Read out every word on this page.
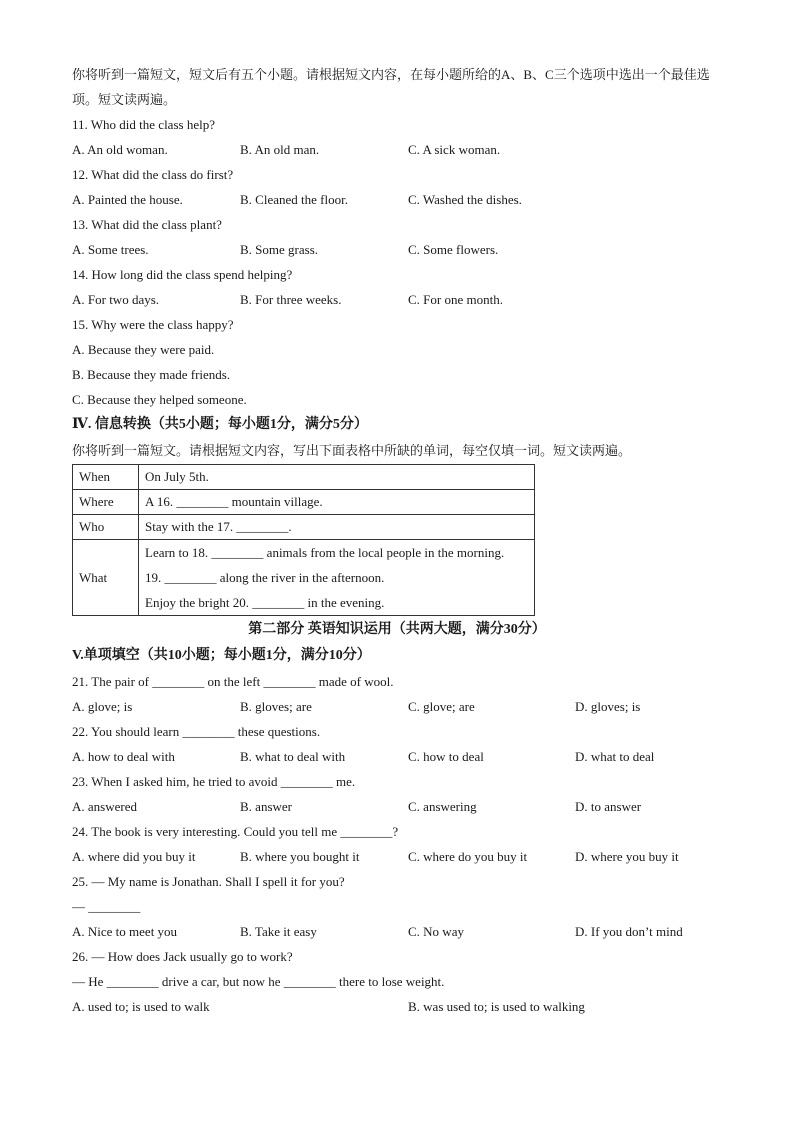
你将听到一篇短文，短文后有五个小题。请根据短文内容，在每小题所给的A、B、C三个选项中选出一个最佳选项。短文读两遍。
11. Who did the class help?
A. An old woman.	B. An old man.	C. A sick woman.
12. What did the class do first?
A. Painted the house.	B. Cleaned the floor.	C. Washed the dishes.
13. What did the class plant?
A. Some trees.	B. Some grass.	C. Some flowers.
14. How long did the class spend helping?
A. For two days.	B. For three weeks.	C. For one month.
15. Why were the class happy?
A. Because they were paid.
B. Because they made friends.
C. Because they helped someone.
Ⅳ. 信息转换（共5小题；每小题1分，满分5分）
你将听到一篇短文。请根据短文内容，写出下面表格中所缺的单词，每空仅填一词。短文读两遍。
When	On July 5th.
Where	A 16. ________ mountain village.
Who	Stay with the 17. ________.
What	Learn to 18. ________ animals from the local people in the morning.
19. ________ along the river in the afternoon.
Enjoy the bright 20. ________ in the evening.
第二部分 英语知识运用（共两大题，满分30分）
V.单项填空（共10小题；每小题1分，满分10分）
21. The pair of ________ on the left ________ made of wool.
A. glove; is	B. gloves; are	C. glove; are	D. gloves; is
22. You should learn ________ these questions.
A. how to deal with	B. what to deal with	C. how to deal	D. what to deal
23. When I asked him, he tried to avoid ________ me.
A. answered	B. answer	C. answering	D. to answer
24. The book is very interesting. Could you tell me ________?
A. where did you buy it	B. where you bought it	C. where do you buy it	D. where you buy it
25. — My name is Jonathan. Shall I spell it for you?
— ________
A. Nice to meet you	B. Take it easy	C. No way	D. If you don’t mind
26. — How does Jack usually go to work?
— He ________ drive a car, but now he ________ there to lose weight.
A. used to; is used to walk	B. was used to; is used to walking
